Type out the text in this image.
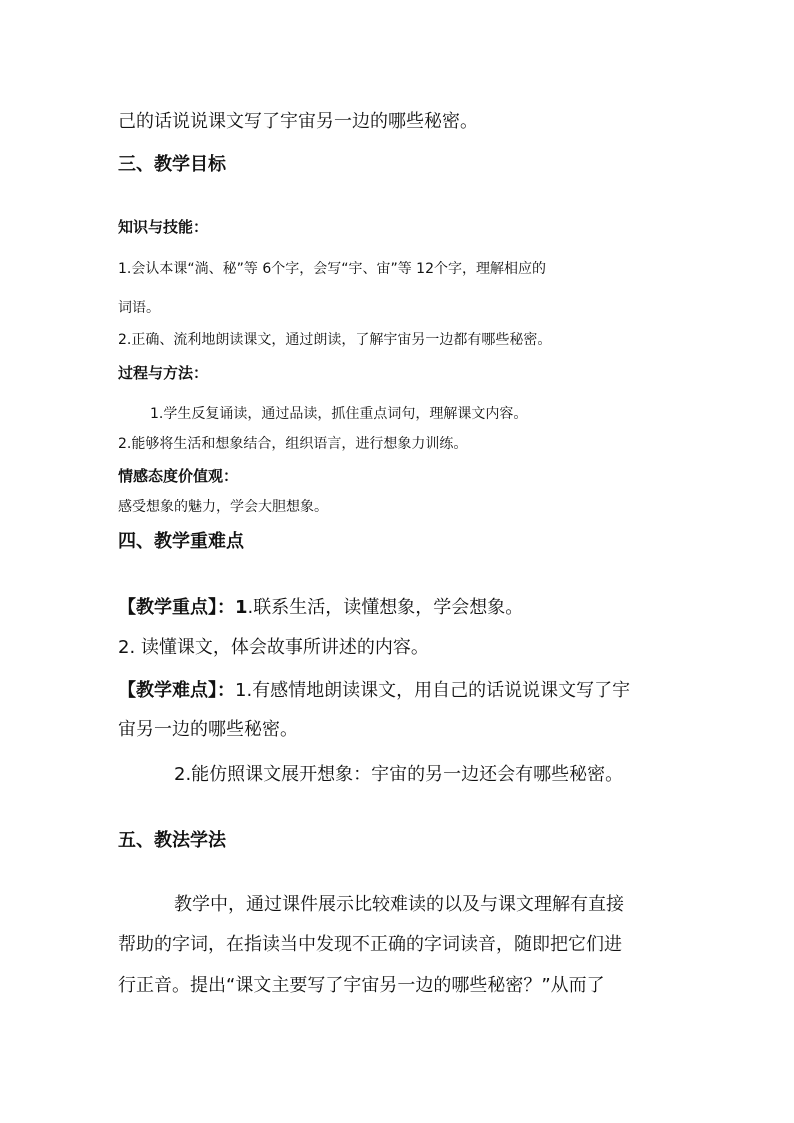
己的话说说课文写了宇宙另一边的哪些秘密。
三、教学目标
知识与技能：
1.会认本课“淌、秘”等 6个字，会写“宇、宙”等 12个字，理解相应的
词语。
2.正确、流利地朗读课文，通过朗读，了解宇宙另一边都有哪些秘密。
过程与方法：
1.学生反复诵读，通过品读，抓住重点词句，理解课文内容。
2.能够将生活和想象结合，组织语言，进行想象力训练。
情感态度价值观：
感受想象的魅力，学会大胆想象。
四、教学重难点
【教学重点】：1.联系生活，读懂想象，学会想象。
2. 读懂课文，体会故事所讲述的内容。
【教学难点】：1.有感情地朗读课文，用自己的话说说课文写了宇
宙另一边的哪些秘密。
2.能仿照课文展开想象：宇宙的另一边还会有哪些秘密。
五、教法学法
教学中，通过课件展示比较难读的以及与课文理解有直接
帮助的字词，在指读当中发现不正确的字词读音，随即把它们进
行正音。提出“课文主要写了宇宙另一边的哪些秘密？”从而了
